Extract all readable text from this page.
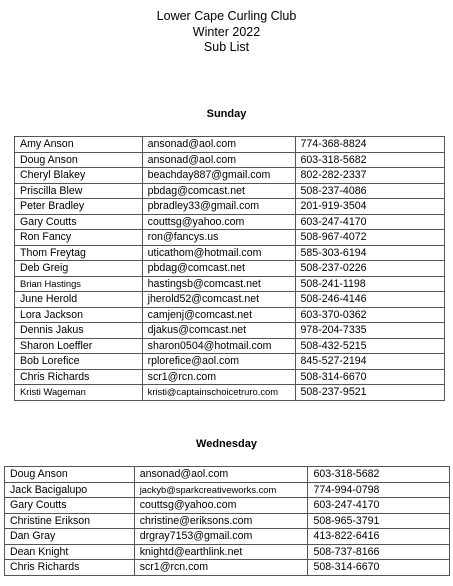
Lower Cape Curling Club
Winter 2022
Sub List
Sunday
Amy Anson	ansonad@aol.com	774-368-8824
Doug Anson	ansonad@aol.com	603-318-5682
Cheryl Blakey	beachday887@gmail.com	802-282-2337
Priscilla Blew	pbdag@comcast.net	508-237-4086
Peter Bradley	pbradley33@gmail.com	201-919-3504
Gary Coutts	couttsg@yahoo.com	603-247-4170
Ron Fancy	ron@fancys.us	508-967-4072
Thom Freytag	uticathom@hotmail.com	585-303-6194
Deb Greig	pbdag@comcast.net	508-237-0226
Brian Hastings	hastingsb@comcast.net	508-241-1198
June Herold	jherold52@comcast.net	508-246-4146
Lora Jackson	camjenj@comcast.net	603-370-0362
Dennis Jakus	djakus@comcast.net	978-204-7335
Sharon Loeffler	sharon0504@hotmail.com	508-432-5215
Bob Lorefice	rplorefice@aol.com	845-527-2194
Chris Richards	scr1@rcn.com	508-314-6670
Kristi Wageman	kristi@captainschoicetruro.com	508-237-9521
Wednesday
Doug Anson	ansonad@aol.com	603-318-5682
Jack Bacigalupo	jackyb@sparkcreativeworks.com	774-994-0798
Gary Coutts	couttsg@yahoo.com	603-247-4170
Christine Erikson	christine@eriksons.com	508-965-3791
Dan Gray	drgray7153@gmail.com	413-822-6416
Dean Knight	knightd@earthlink.net	508-737-8166
Chris Richards	scr1@rcn.com	508-314-6670
